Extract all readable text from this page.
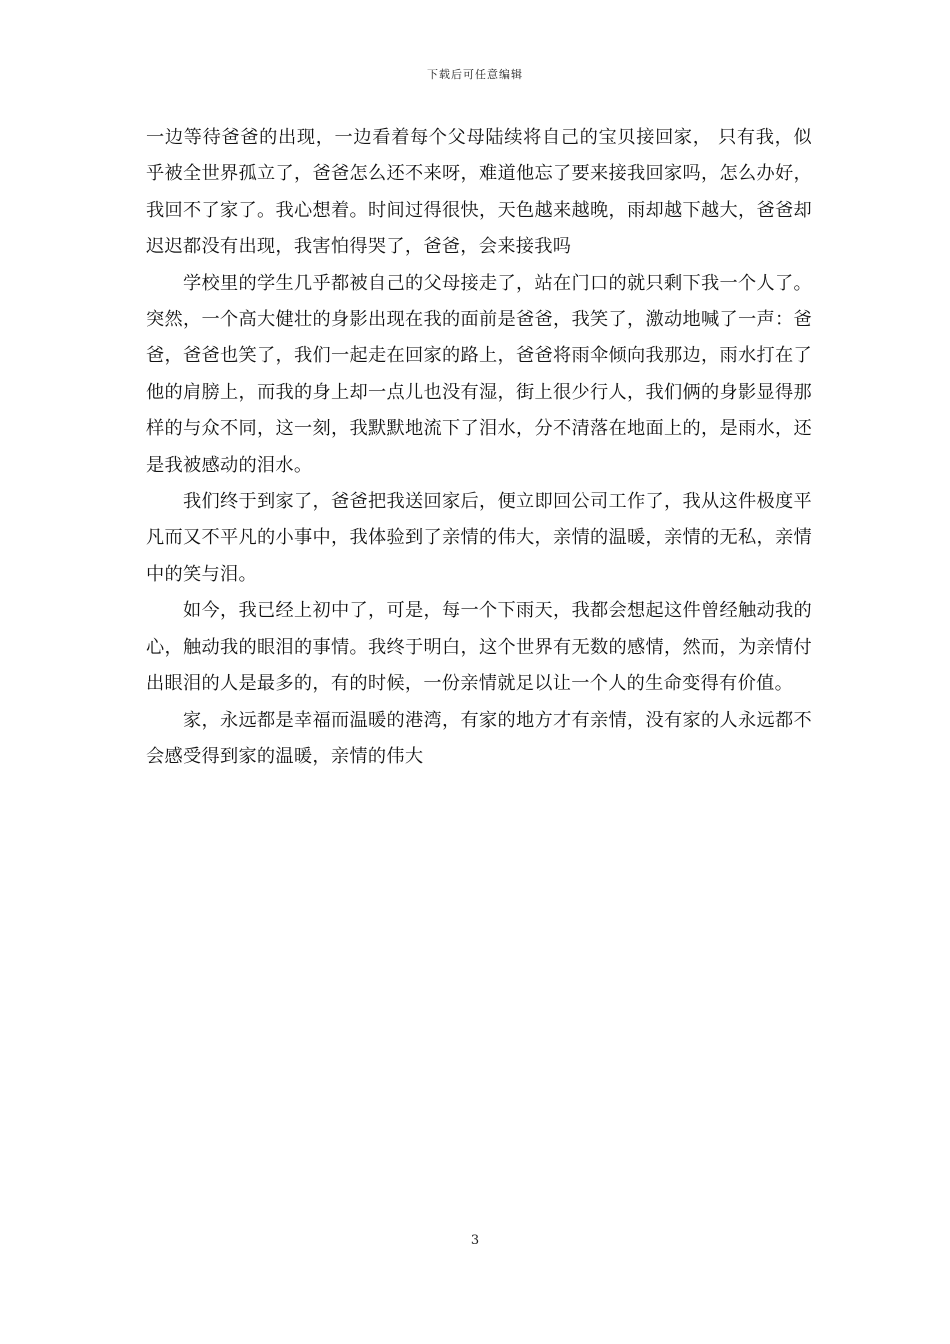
下载后可任意编辑

一边等待爸爸的出现，一边看着每个父母陆续将自己的宝贝接回家， 只有我，似乎被全世界孤立了，爸爸怎么还不来呀，难道他忘了要来接我回家吗，怎么办好，我回不了家了。我心想着。时间过得很快，天色越来越晚，雨却越下越大，爸爸却迟迟都没有出现，我害怕得哭了，爸爸，会来接我吗

学校里的学生几乎都被自己的父母接走了，站在门口的就只剩下我一个人了。突然，一个高大健壮的身影出现在我的面前是爸爸，我笑了，激动地喊了一声：爸爸，爸爸也笑了，我们一起走在回家的路上，爸爸将雨伞倾向我那边，雨水打在了他的肩膀上，而我的身上却一点儿也没有湿，街上很少行人，我们俩的身影显得那样的与众不同，这一刻，我默默地流下了泪水，分不清落在地面上的，是雨水，还是我被感动的泪水。

我们终于到家了，爸爸把我送回家后，便立即回公司工作了，我从这件极度平凡而又不平凡的小事中，我体验到了亲情的伟大，亲情的温暖，亲情的无私，亲情中的笑与泪。

如今，我已经上初中了，可是，每一个下雨天，我都会想起这件曾经触动我的心，触动我的眼泪的事情。我终于明白，这个世界有无数的感情，然而，为亲情付出眼泪的人是最多的，有的时候，一份亲情就足以让一个人的生命变得有价值。

家，永远都是幸福而温暖的港湾，有家的地方才有亲情，没有家的人永远都不会感受得到家的温暖，亲情的伟大

3
